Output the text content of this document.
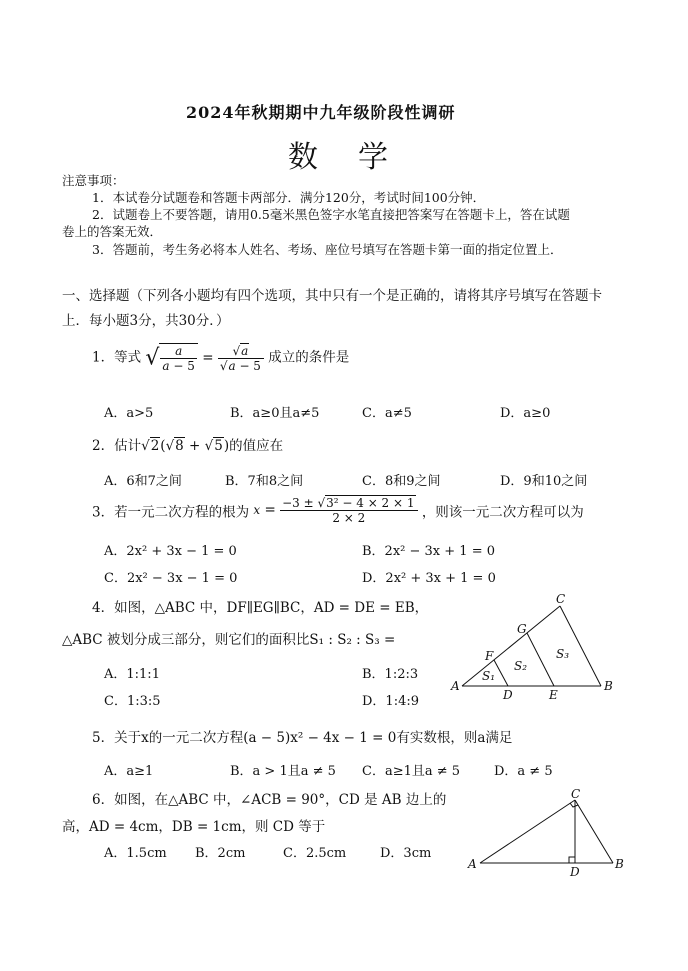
2024年秋期期中九年级阶段性调研
数学
注意事项：
1．本试卷分试题卷和答题卡两部分．满分120分，考试时间100分钟．
2．试题卷上不要答题，请用0.5毫米黑色签字水笔直接把答案写在答题卡上，答在试题
卷上的答案无效．
3．答题前，考生务必将本人姓名、考场、座位号填写在答题卡第一面的指定位置上．
一、选择题（下列各小题均有四个选项，其中只有一个是正确的，请将其序号填写在答题卡
上．每小题3分，共30分．）
1．等式 √ $\frac{a}{a - 5} = \frac{√a}{√a - 5}$ 成立的条件是
A．a>5	B．a≥0且a≠5	C．a≠5	D．a≥0
2．估计√2(√8 + √5)的值应在
A．6和7之间	B．7和8之间	C．8和9之间	D．9和10之间
3．若一元二次方程的根为 $x = \frac{\text{−3 ± √3² − 4 × 2 × 1}}{2 \times 2}$ ，则该一元二次方程可以为
A．2x² + 3x − 1 = 0	B．2x² − 3x + 1 = 0
C．2x² − 3x − 1 = 0	D．2x² + 3x + 1 = 0
4．如图，△ABC 中，DF∥EG∥BC，AD = DE = EB，
△ABC 被划分成三部分，则它们的面积比S₁ : S₂ : S₃ =
A．1:1:1	B．1:2:3
C．1:3:5	D．1:4:9
A	B
C
D	E
F
G
S₁
S₂
S₃
5．关于x的一元二次方程(a − 5)x² − 4x − 1 = 0有实数根，则a满足
A．a≥1	B．a > 1且a ≠ 5 C．a≥1且a ≠ 5	D．a ≠ 5
6．如图，在△ABC 中，∠ACB = 90°，CD 是 AB 边上的
高，AD = 4cm，DB = 1cm，则 CD 等于
A．1.5cm B．2cm	C．2.5cm	D．3cm
A	B
C
D
